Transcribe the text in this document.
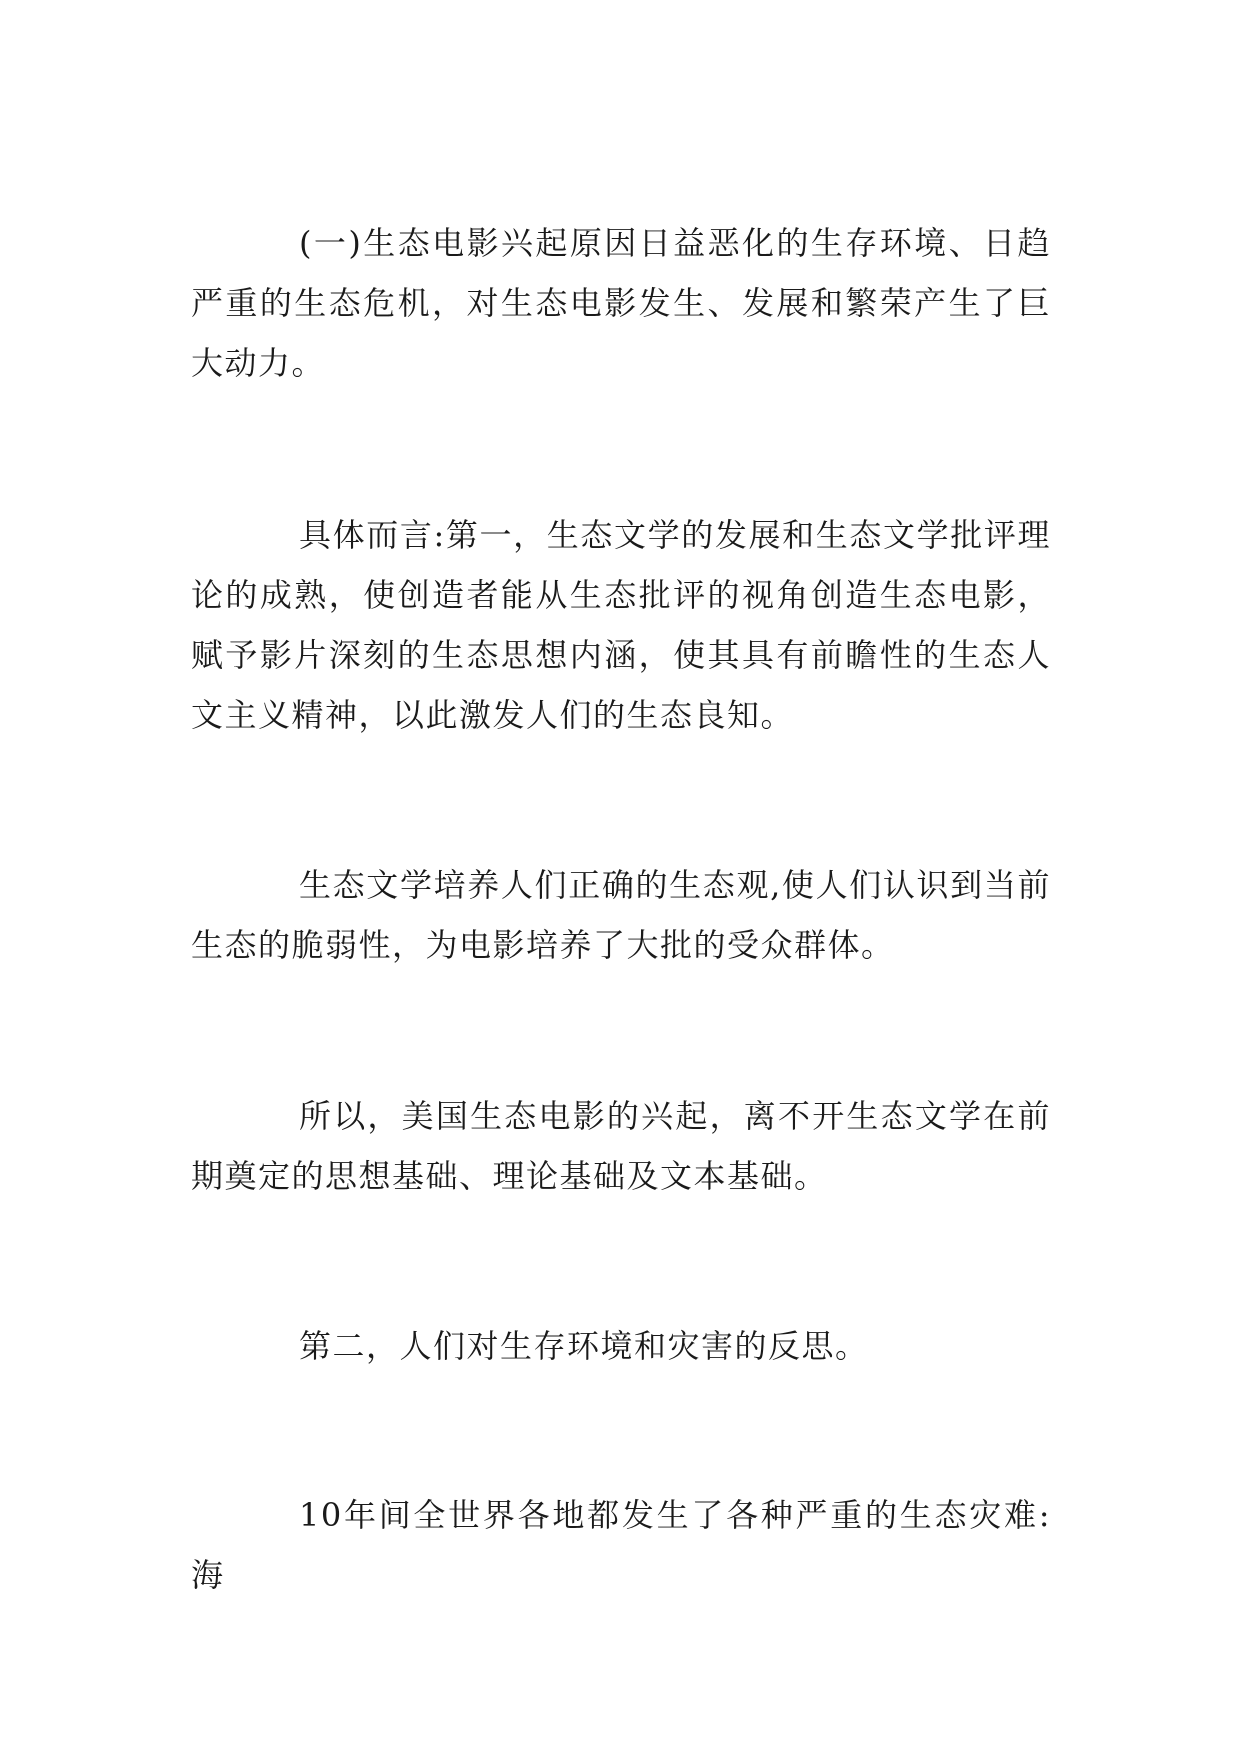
(一)生态电影兴起原因日益恶化的生存环境、日趋严重的生态危机，对生态电影发生、发展和繁荣产生了巨大动力。

具体而言:第一，生态文学的发展和生态文学批评理论的成熟，使创造者能从生态批评的视角创造生态电影，赋予影片深刻的生态思想内涵，使其具有前瞻性的生态人文主义精神，以此激发人们的生态良知。

生态文学培养人们正确的生态观,使人们认识到当前生态的脆弱性，为电影培养了大批的受众群体。

所以，美国生态电影的兴起，离不开生态文学在前期奠定的思想基础、理论基础及文本基础。

第二，人们对生存环境和灾害的反思。

10年间全世界各地都发生了各种严重的生态灾难:海
